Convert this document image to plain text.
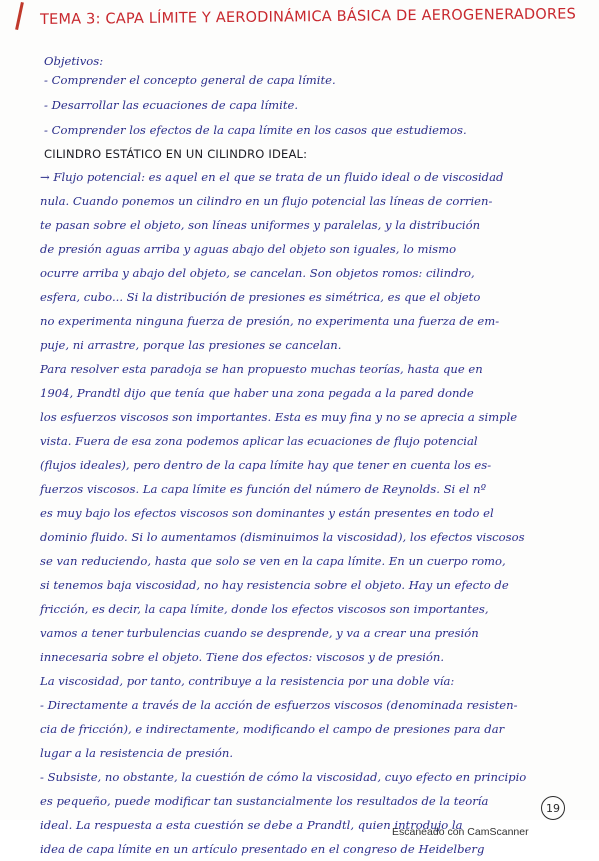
TEMA 3: CAPA LÍMITE Y AERODINÁMICA BÁSICA DE AEROGENERADORES
Objetivos:
- Comprender el concepto general de capa límite.
- Desarrollar las ecuaciones de capa límite.
- Comprender los efectos de la capa límite en los casos que estudiemos.
CILINDRO ESTÁTICO EN UN CILINDRO IDEAL:
→ Flujo potencial: es aquel en el que se trata de un fluido ideal o de viscosidad
nula. Cuando ponemos un cilindro en un flujo potencial las líneas de corrien-
te pasan sobre el objeto, son líneas uniformes y paralelas, y la distribución
de presión aguas arriba y aguas abajo del objeto son iguales, lo mismo
ocurre arriba y abajo del objeto, se cancelan. Son objetos romos: cilindro,
esfera, cubo... Si la distribución de presiones es simétrica, es que el objeto
no experimenta ninguna fuerza de presión, no experimenta una fuerza de em-
puje, ni arrastre, porque las presiones se cancelan.
Para resolver esta paradoja se han propuesto muchas teorías, hasta que en
1904, Prandtl dijo que tenía que haber una zona pegada a la pared donde
los esfuerzos viscosos son importantes. Esta es muy fina y no se aprecia a simple
vista. Fuera de esa zona podemos aplicar las ecuaciones de flujo potencial
(flujos ideales), pero dentro de la capa límite hay que tener en cuenta los es-
fuerzos viscosos. La capa límite es función del número de Reynolds. Si el nº
es muy bajo los efectos viscosos son dominantes y están presentes en todo el
dominio fluido. Si lo aumentamos (disminuimos la viscosidad), los efectos viscosos
se van reduciendo, hasta que solo se ven en la capa límite. En un cuerpo romo,
si tenemos baja viscosidad, no hay resistencia sobre el objeto. Hay un efecto de
fricción, es decir, la capa límite, donde los efectos viscosos son importantes,
vamos a tener turbulencias cuando se desprende, y va a crear una presión
innecesaria sobre el objeto. Tiene dos efectos: viscosos y de presión.
La viscosidad, por tanto, contribuye a la resistencia por una doble vía:
- Directamente a través de la acción de esfuerzos viscosos (denominada resisten-
cia de fricción), e indirectamente, modificando el campo de presiones para dar
lugar a la resistencia de presión.
- Subsiste, no obstante, la cuestión de cómo la viscosidad, cuyo efecto en principio
es pequeño, puede modificar tan sustancialmente los resultados de la teoría
ideal. La respuesta a esta cuestión se debe a Prandtl, quien introdujo la
idea de capa límite en un artículo presentado en el congreso de Heidelberg
19
Escaneado con CamScanner
